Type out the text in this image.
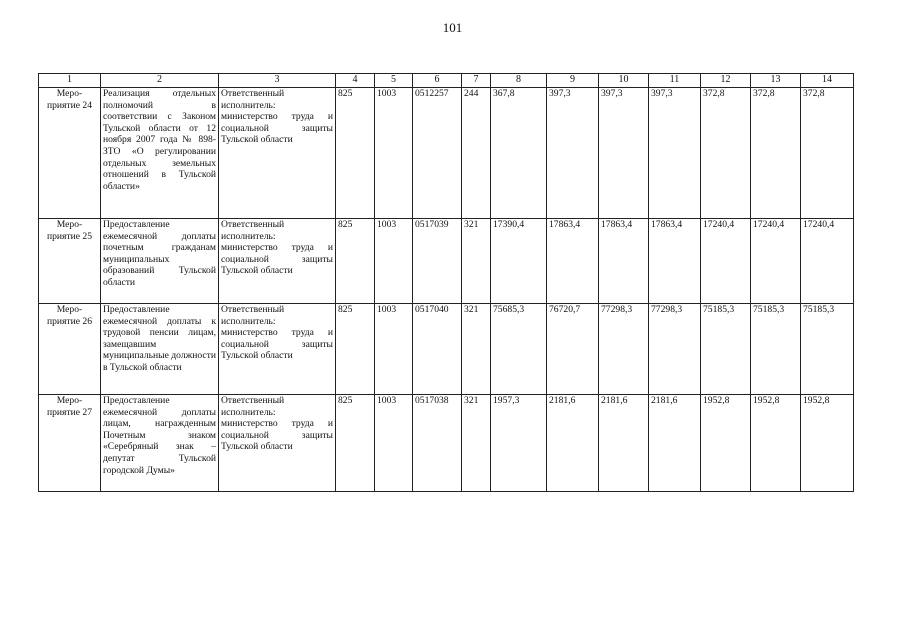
101
1	2	3	4	5	6	7	8	9	10	11	12	13	14
Меро-приятие 24	Реализация отдельных полномочий в соответствии с Законом Тульской области от 12 ноября 2007 года № 898-ЗТО «О регулировании отдельных земельных отношений в Тульской области»	Ответственный исполнитель: министерство труда и социальной защиты Тульской области	825	1003	0512257	244	367,8	397,3	397,3	397,3	372,8	372,8	372,8
Меро-приятие 25	Предоставление ежемесячной доплаты почетным гражданам муниципальных образований Тульской области	Ответственный исполнитель: министерство труда и социальной защиты Тульской области	825	1003	0517039	321	17390,4	17863,4	17863,4	17863,4	17240,4	17240,4	17240,4
Меро-приятие 26	Предоставление ежемесячной доплаты к трудовой пенсии лицам, замещавшим муниципальные должности в Тульской области	Ответственный исполнитель: министерство труда и социальной защиты Тульской области	825	1003	0517040	321	75685,3	76720,7	77298,3	77298,3	75185,3	75185,3	75185,3
Меро-приятие 27	Предоставление ежемесячной доплаты лицам, награжденным Почетным знаком «Серебряный знак – депутат Тульской городской Думы»	Ответственный исполнитель: министерство труда и социальной защиты Тульской области	825	1003	0517038	321	1957,3	2181,6	2181,6	2181,6	1952,8	1952,8	1952,8
